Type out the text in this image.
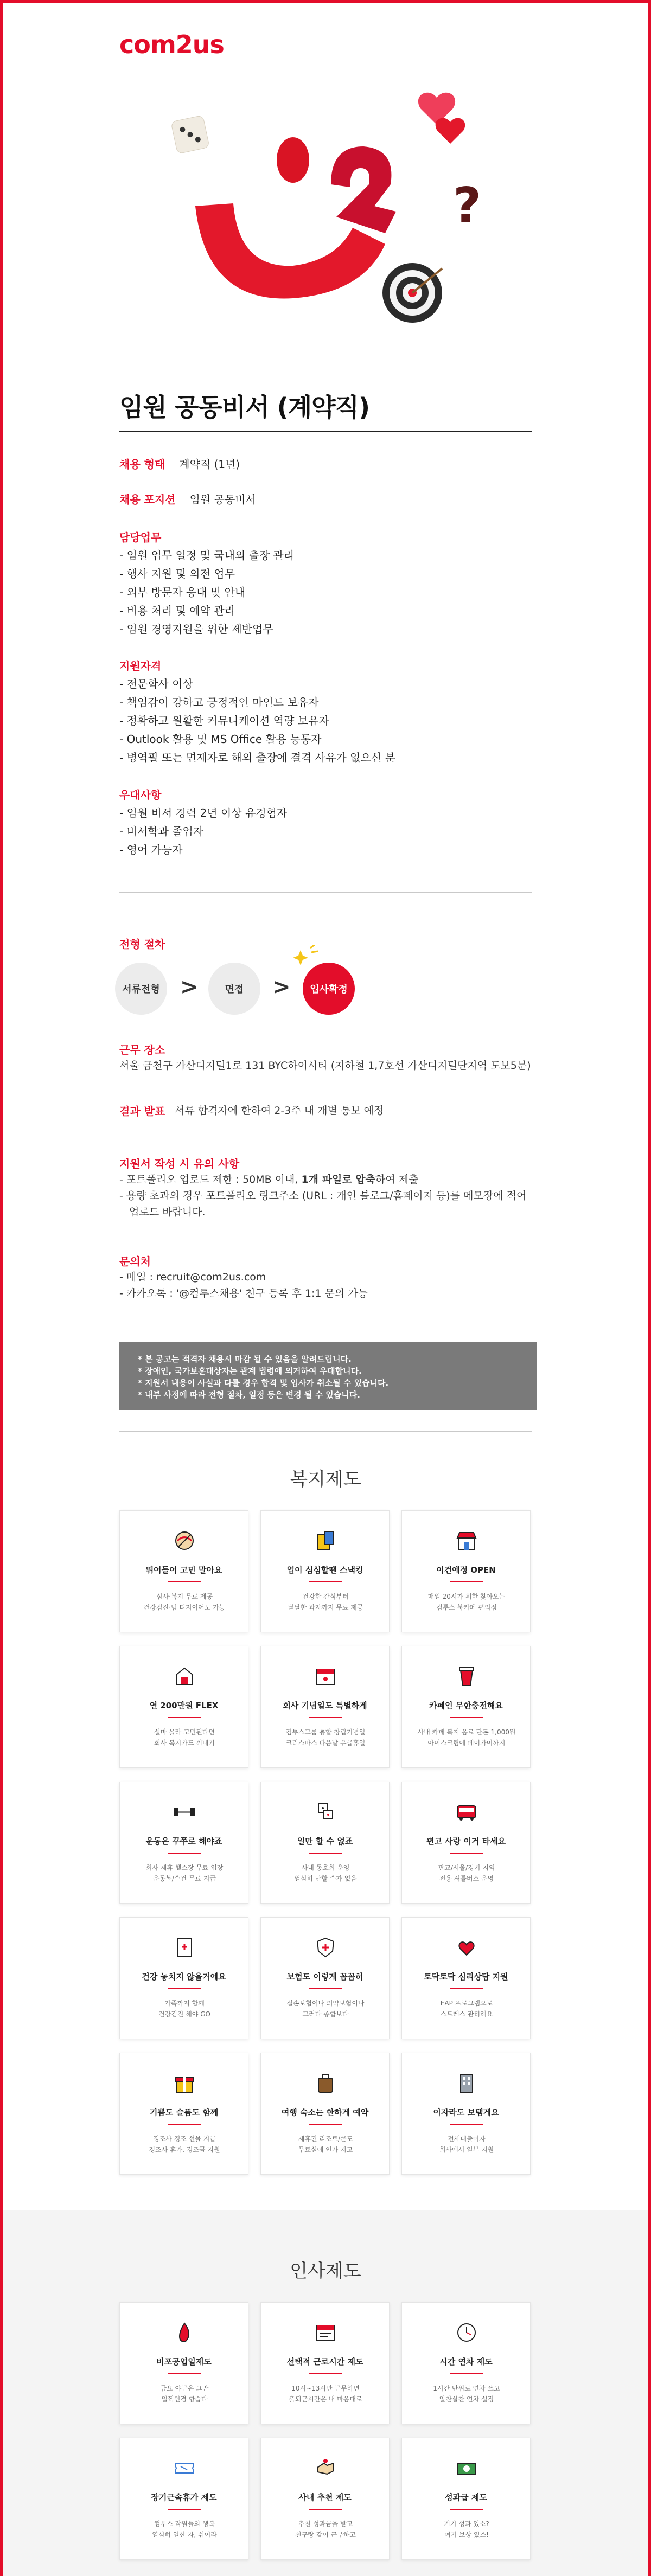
com2us
?
임원 공동비서 (계약직)
채용 형태 계약직 (1년)
채용 포지션 임원 공동비서
담당업무
- 임원 업무 일정 및 국내외 출장 관리
- 행사 지원 및 의전 업무
- 외부 방문자 응대 및 안내
- 비용 처리 및 예약 관리
- 임원 경영지원을 위한 제반업무
지원자격
- 전문학사 이상
- 책임감이 강하고 긍정적인 마인드 보유자
- 정확하고 원활한 커뮤니케이션 역량 보유자
- Outlook 활용 및 MS Office 활용 능통자
- 병역필 또는 면제자로 해외 출장에 결격 사유가 없으신 분
우대사항
- 임원 비서 경력 2년 이상 유경험자
- 비서학과 졸업자
- 영어 가능자
전형 절차
서류전형 >	면접	>	입사확정
근무 장소
서울 금천구 가산디지털1로 131 BYC하이시티 (지하철 1,7호선 가산디지털단지역 도보5분)
결과 발표 서류 합격자에 한하여 2-3주 내 개별 통보 예정
지원서 작성 시 유의 사항
- 포트폴리오 업로드 제한 : 50MB 이내, 1개 파일로 압축하여 제출
- 용량 초과의 경우 포트폴리오 링크주소 (URL : 개인 블로그/홈페이지 등)를 메모장에 적어
업로드 바랍니다.
문의처
- 메일 : recruit@com2us.com
- 카카오톡 : '@컴투스채용' 친구 등록 후 1:1 문의 가능

* 본 공고는 적격자 채용시 마감 될 수 있음을 알려드립니다.

* 장애인, 국가보훈대상자는 관계 법령에 의거하여 우대합니다.

* 지원서 내용이 사실과 다를 경우 합격 및 입사가 취소될 수 있습니다.

* 내부 사정에 따라 전형 절차, 일정 등은 변경 될 수 있습니다.

복지제도
뛰어들어 고민 말아요
심사·복지 무료 제공
건강검진·팀 디지이어도 가능
업이 심심할땐 스낵킹
건강한 간식부터
달달한 과자까지 무료 제공
이건에정 OPEN
매일 20시가 위한 찾아오는
컴투스 북카페 편의점
연 200만원 FLEX
설마 몰라 고민된다면
회사 복지카드 꺼내기
회사 기념일도 특별하게
컴투스그룹 통합 창립기념일
크리스마스 다음날 유급휴일
카페인 무한충전해요
사내 카페 복지 음료 단돈 1,000원
아이스크림에 페이카이까지
운동은 꾸쭈로 해야죠
회사 제휴 헬스장 무료 입장
운동복/수건 무료 지급
일만 할 수 없죠
사내 동호회 운영
열심히 만할 수가 없음
편고 사랑 이거 타세요
판교/서울/경기 지역
전용 셔틀버스 운영
건강 놓치지 않을거에요
가족까지 함께
건강검진 해야 GO
보험도 이렇게 꼼꼼히
실손보험이나 의약보험이나
그러다 종합보다
토닥토닥 심리상담 지원
EAP 프로그램으로
스트레스 관리해요
기쁨도 슬픔도 함께
경조사 경조 선물 지급
경조사 휴가, 경조금 지원
여행 숙소는 한하게 예약
제휴된 리조트/콘도
무료실에 인가 지고
이자라도 보탬게요
전세대출이자
회사에서 일부 지원
인사제도
비포공업일제도
금요 야근은 그만
일찍인경 항습다
선택적 근로시간 제도
10시~13시만 근무하면
출퇴근시간은 내 마음대로
시간 연차 제도
1시간 단위로 연차 쓰고
알찬살찬 연차 설정
장기근속휴가 제도
컴투스 작원들의 행복
열심히 일한 자, 쉬어라
사내 추천 제도
추천 성과금을 받고
친구랑 같이 근무하고
성과급 제도
거기 성과 있소?
여기 보상 있소!
